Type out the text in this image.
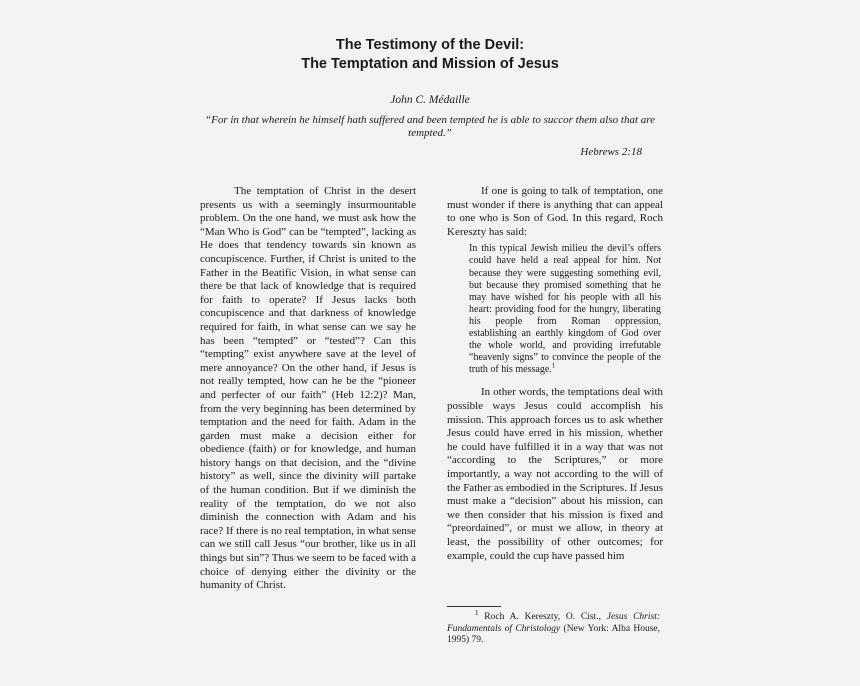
The Testimony of the Devil:
The Temptation and Mission of Jesus
John C. Médaille
“For in that wherein he himself hath suffered and been tempted he is able to succor them also that are tempted.”
Hebrews 2:18

The temptation of Christ in the desert presents us with a seemingly insurmountable problem. On the one hand, we must ask how the “Man Who is God” can be “tempted”, lacking as He does that tendency towards sin known as concupiscence. Further, if Christ is united to the Father in the Beatific Vision, in what sense can there be that lack of knowledge that is required for faith to operate? If Jesus lacks both concupiscence and that darkness of knowledge required for faith, in what sense can we say he has been “tempted” or “tested”? Can this “tempting” exist anywhere save at the level of mere annoyance? On the other hand, if Jesus is not really tempted, how can he be the “pioneer and perfecter of our faith” (Heb 12:2)? Man, from the very beginning has been determined by temptation and the need for faith. Adam in the garden must make a decision either for obedience (faith) or for knowledge, and human history hangs on that decision, and the “divine history” as well, since the divinity will partake of the human condition. But if we diminish the reality of the temptation, do we not also diminish the connection with Adam and his race? If there is no real temptation, in what sense can we still call Jesus “our brother, like us in all things but sin”? Thus we seem to be faced with a choice of denying either the divinity or the humanity of Christ.

If one is going to talk of temptation, one must wonder if there is anything that can appeal to one who is Son of God. In this regard, Roch Kereszty has said:

In this typical Jewish milieu the devil’s offers could have held a real appeal for him. Not because they were suggesting something evil, but because they promised something that he may have wished for his people with all his heart: providing food for the hungry, liberating his people from Roman oppression, establishing an earthly kingdom of God over the whole world, and providing irrefutable “heavenly signs” to convince the people of the truth of his message.$^1$

In other words, the temptations deal with possible ways Jesus could accomplish his mission. This approach forces us to ask whether Jesus could have erred in his mission, whether he could have fulfilled it in a way that was not “according to the Scriptures,” or more importantly, a way not according to the will of the Father as embodied in the Scriptures. If Jesus must make a “decision” about his mission, can we then consider that his mission is fixed and “preordained”, or must we allow, in theory at least, the possibility of other outcomes; for example, could the cup have passed him

$^1$ Roch A. Kereszty, O. Cist., Jesus Christ: Fundamentals of Christology (New York: Alba House, 1995) 79.
